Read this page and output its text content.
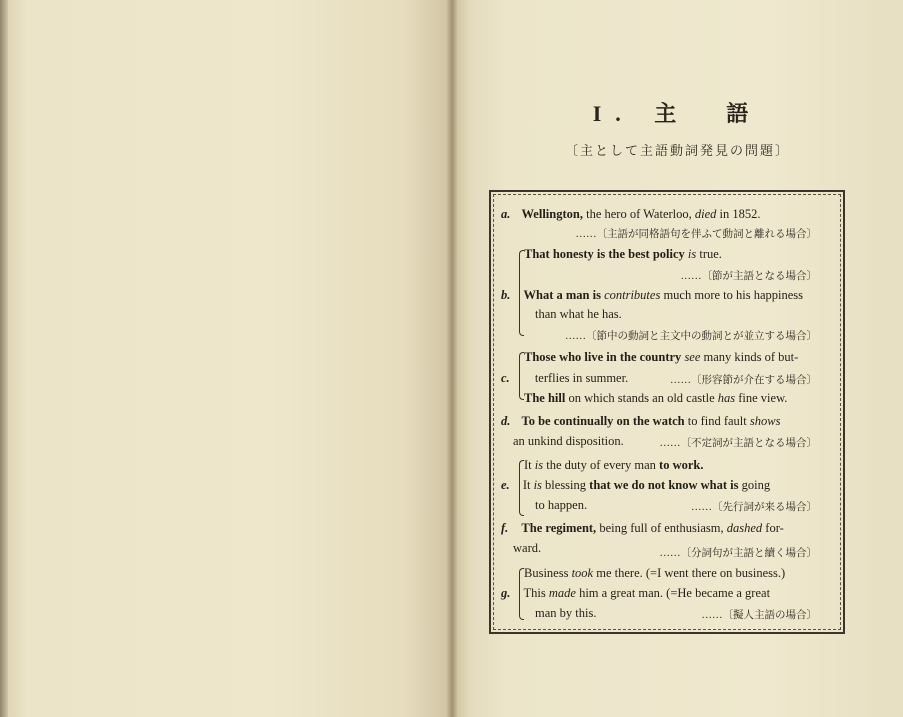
I. 主　語
〔主として主語動詞発見の問題〕
a. Wellington, the hero of Waterloo, died in 1852.
……〔主語が同格語句を伴ふて動詞と離れる場合〕
That honesty is the best policy is true.
……〔節が主語となる場合〕
b. What a man is contributes much more to his happiness
than what he has.
……〔節中の動詞と主文中の動詞とが並立する場合〕
Those who live in the country see many kinds of but-
c. terflies in summer.	……〔形容節が介在する場合〕
The hill on which stands an old castle has fine view.
d. To be continually on the watch to find fault shows
an unkind disposition.	……〔不定詞が主語となる場合〕
It is the duty of every man to work.
e. It is blessing that we do not know what is going
to happen.	……〔先行詞が来る場合〕
f. The regiment, being full of enthusiasm, dashed for-
ward.	……〔分詞句が主語と續く場合〕
Business took me there. (=I went there on business.)
g. This made him a great man. (=He became a great
man by this.	……〔擬人主語の場合〕
